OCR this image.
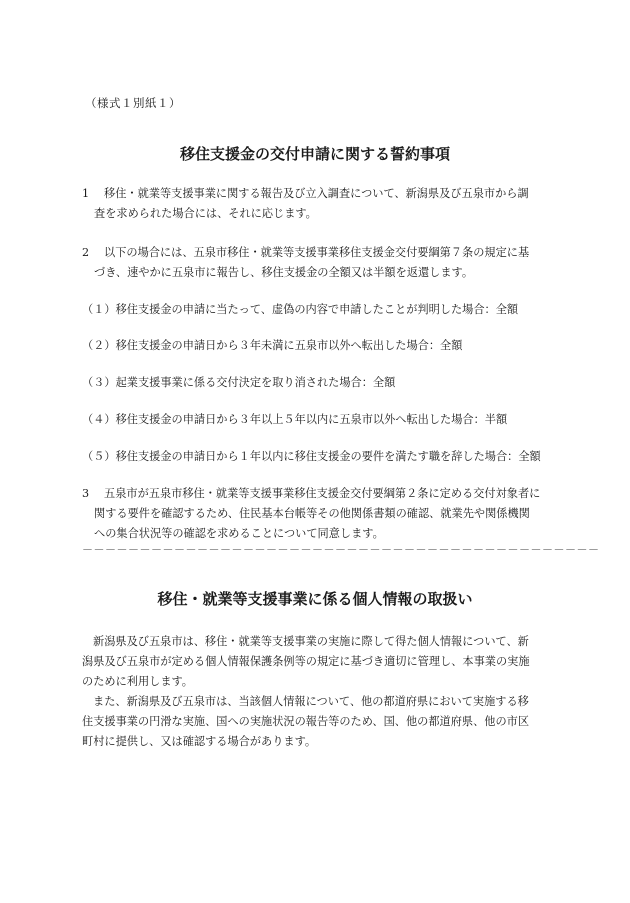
（様式１別紙１）
移住支援金の交付申請に関する誓約事項
1 移住・就業等支援事業に関する報告及び立入調査について、新潟県及び五泉市から調
査を求められた場合には、それに応じます。
2 以下の場合には、五泉市移住・就業等支援事業移住支援金交付要綱第７条の規定に基
づき、速やかに五泉市に報告し、移住支援金の全額又は半額を返還します。
（１）移住支援金の申請に当たって、虚偽の内容で申請したことが判明した場合：全額
（２）移住支援金の申請日から３年未満に五泉市以外へ転出した場合：全額
（３）起業支援事業に係る交付決定を取り消された場合：全額
（４）移住支援金の申請日から３年以上５年以内に五泉市以外へ転出した場合：半額
（５）移住支援金の申請日から１年以内に移住支援金の要件を満たす職を辞した場合：全額
3 五泉市が五泉市移住・就業等支援事業移住支援金交付要綱第２条に定める交付対象者に
関する要件を確認するため、住民基本台帳等その他関係書類の確認、就業先や関係機関
への集合状況等の確認を求めることについて同意します。
－－－－－－－－－－－－－－－－－－－－－－－－－－－－－－－－－－－－－－－－－－－－－
移住・就業等支援事業に係る個人情報の取扱い
新潟県及び五泉市は、移住・就業等支援事業の実施に際して得た個人情報について、新
潟県及び五泉市が定める個人情報保護条例等の規定に基づき適切に管理し、本事業の実施
のために利用します。
また、新潟県及び五泉市は、当該個人情報について、他の都道府県において実施する移
住支援事業の円滑な実施、国への実施状況の報告等のため、国、他の都道府県、他の市区
町村に提供し、又は確認する場合があります。
